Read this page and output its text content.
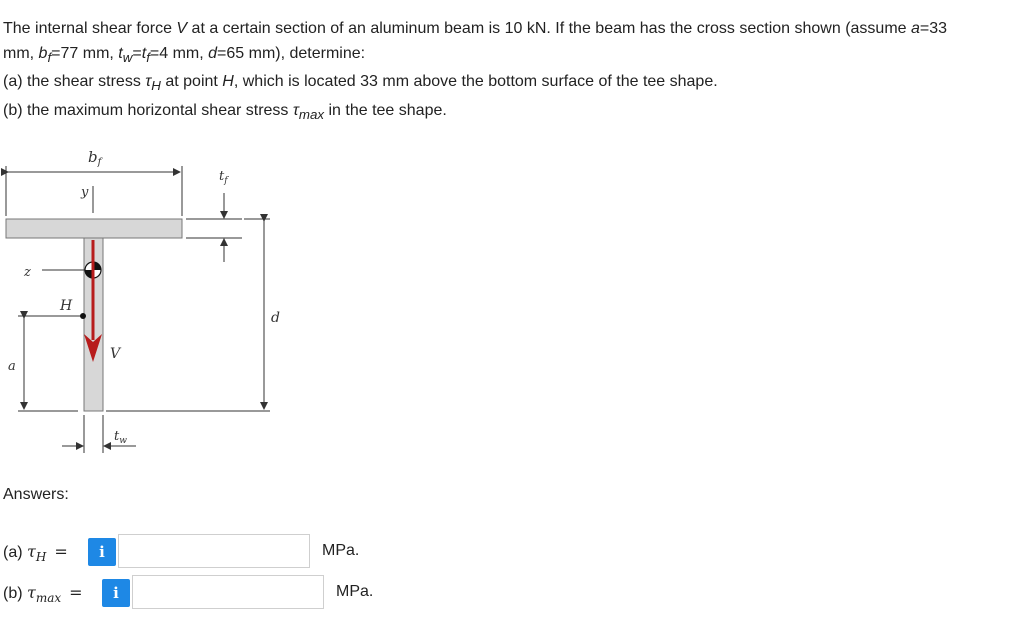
The internal shear force V at a certain section of an aluminum beam is 10 kN. If the beam has the cross section shown (assume a=33

mm, $b_f=77$ mm, $t_w=t_f=4$ mm, d=65 mm), determine:

(a) the shear stress $\tau_H$ at point H, which is located 33 mm above the bottom surface of the tee shape.

(b) the maximum horizontal shear stress $\tau_{max}$ in the tee shape.

$b_f$
y
$t_f$
d
z
V
H
a
$t_w$
Answers:
(a) $\tau_H = i$	MPa.
(b) $\tau_{max} = i$	MPa.
